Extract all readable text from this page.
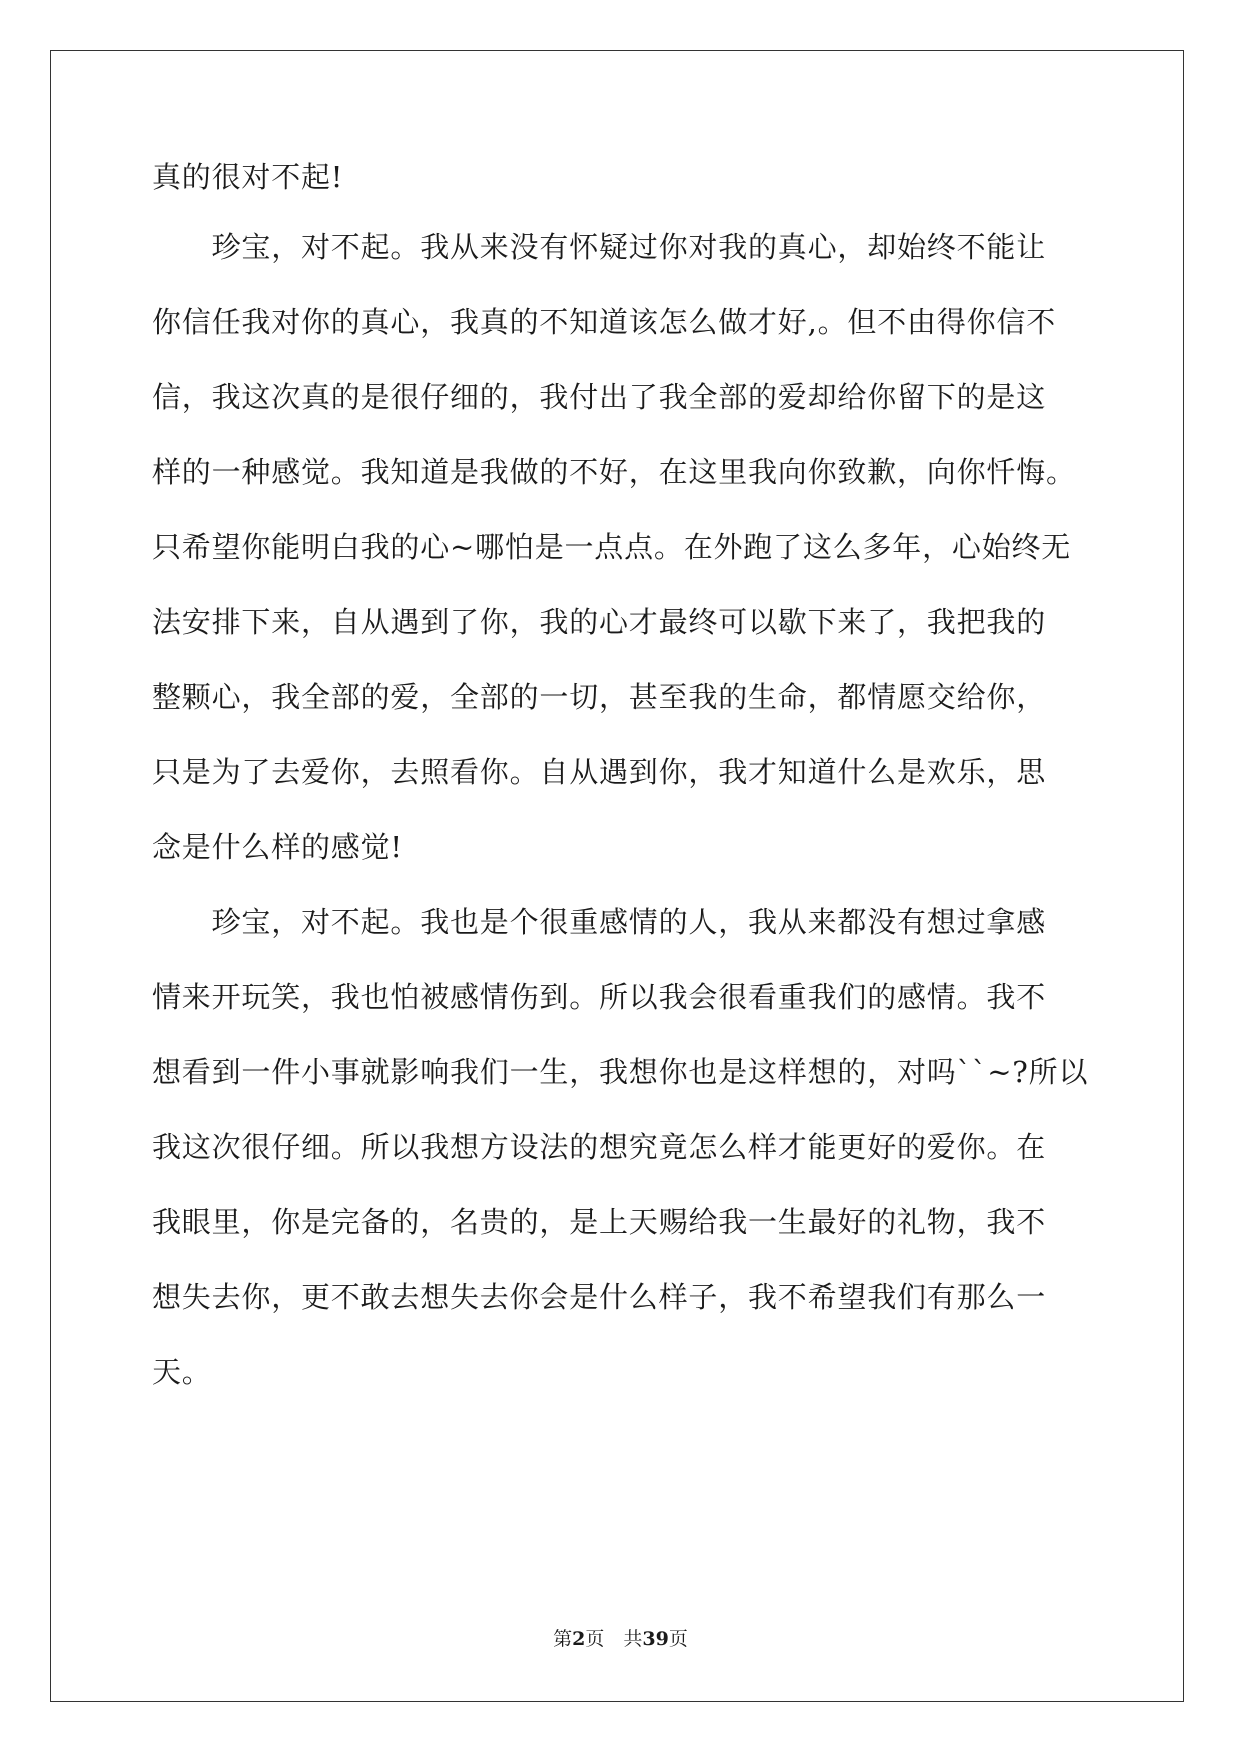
真的很对不起!
　　珍宝，对不起。我从来没有怀疑过你对我的真心，却始终不能让
你信任我对你的真心，我真的不知道该怎么做才好,。但不由得你信不
信，我这次真的是很仔细的，我付出了我全部的爱却给你留下的是这
样的一种感觉。我知道是我做的不好，在这里我向你致歉，向你忏悔。
只希望你能明白我的心~哪怕是一点点。在外跑了这么多年，心始终无
法安排下来，自从遇到了你，我的心才最终可以歇下来了，我把我的
整颗心，我全部的爱，全部的一切，甚至我的生命，都情愿交给你，
只是为了去爱你，去照看你。自从遇到你，我才知道什么是欢乐，思
念是什么样的感觉!
　　珍宝，对不起。我也是个很重感情的人，我从来都没有想过拿感
情来开玩笑，我也怕被感情伤到。所以我会很看重我们的感情。我不
想看到一件小事就影响我们一生，我想你也是这样想的，对吗``~?所以
我这次很仔细。所以我想方设法的想究竟怎么样才能更好的爱你。在
我眼里，你是完备的，名贵的，是上天赐给我一生最好的礼物，我不
想失去你，更不敢去想失去你会是什么样子，我不希望我们有那么一
天。
第2页　共39页
